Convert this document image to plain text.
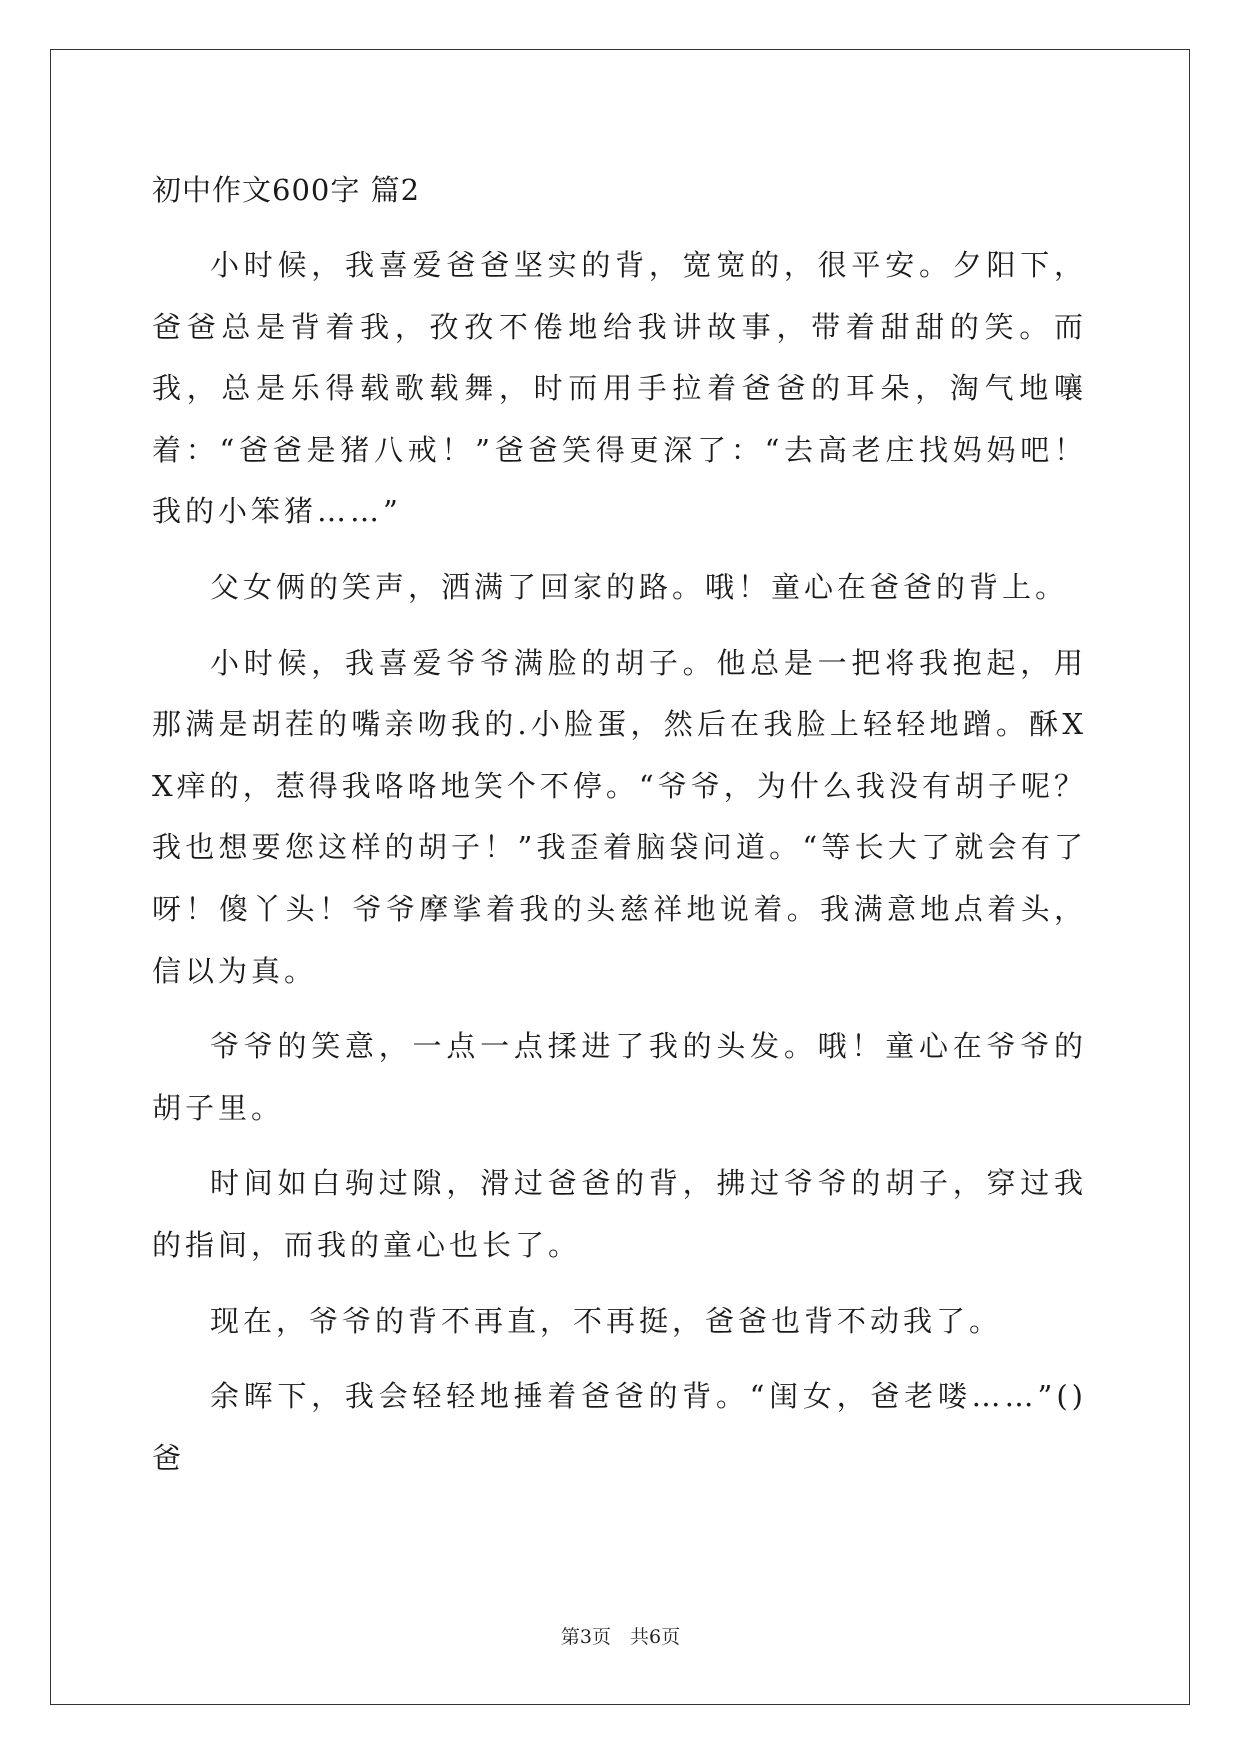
初中作文600字 篇2

小时候，我喜爱爸爸坚实的背，宽宽的，很平安。夕阳下，爸爸总是背着我，孜孜不倦地给我讲故事，带着甜甜的笑。而我，总是乐得载歌载舞，时而用手拉着爸爸的耳朵，淘气地嚷着：“爸爸是猪八戒！”爸爸笑得更深了：“去高老庄找妈妈吧！我的小笨猪……”

父女俩的笑声，洒满了回家的路。哦！童心在爸爸的背上。

小时候，我喜爱爷爷满脸的胡子。他总是一把将我抱起，用那满是胡茬的嘴亲吻我的.小脸蛋，然后在我脸上轻轻地蹭。酥XX痒的，惹得我咯咯地笑个不停。“爷爷，为什么我没有胡子呢？我也想要您这样的胡子！”我歪着脑袋问道。“等长大了就会有了呀！傻丫头！爷爷摩挲着我的头慈祥地说着。我满意地点着头，信以为真。

爷爷的笑意，一点一点揉进了我的头发。哦！童心在爷爷的胡子里。

时间如白驹过隙，滑过爸爸的背，拂过爷爷的胡子，穿过我的指间，而我的童心也长了。

现在，爷爷的背不再直，不再挺，爸爸也背不动我了。

余晖下，我会轻轻地捶着爸爸的背。“闺女，爸老喽……”()爸

第3页　共6页
